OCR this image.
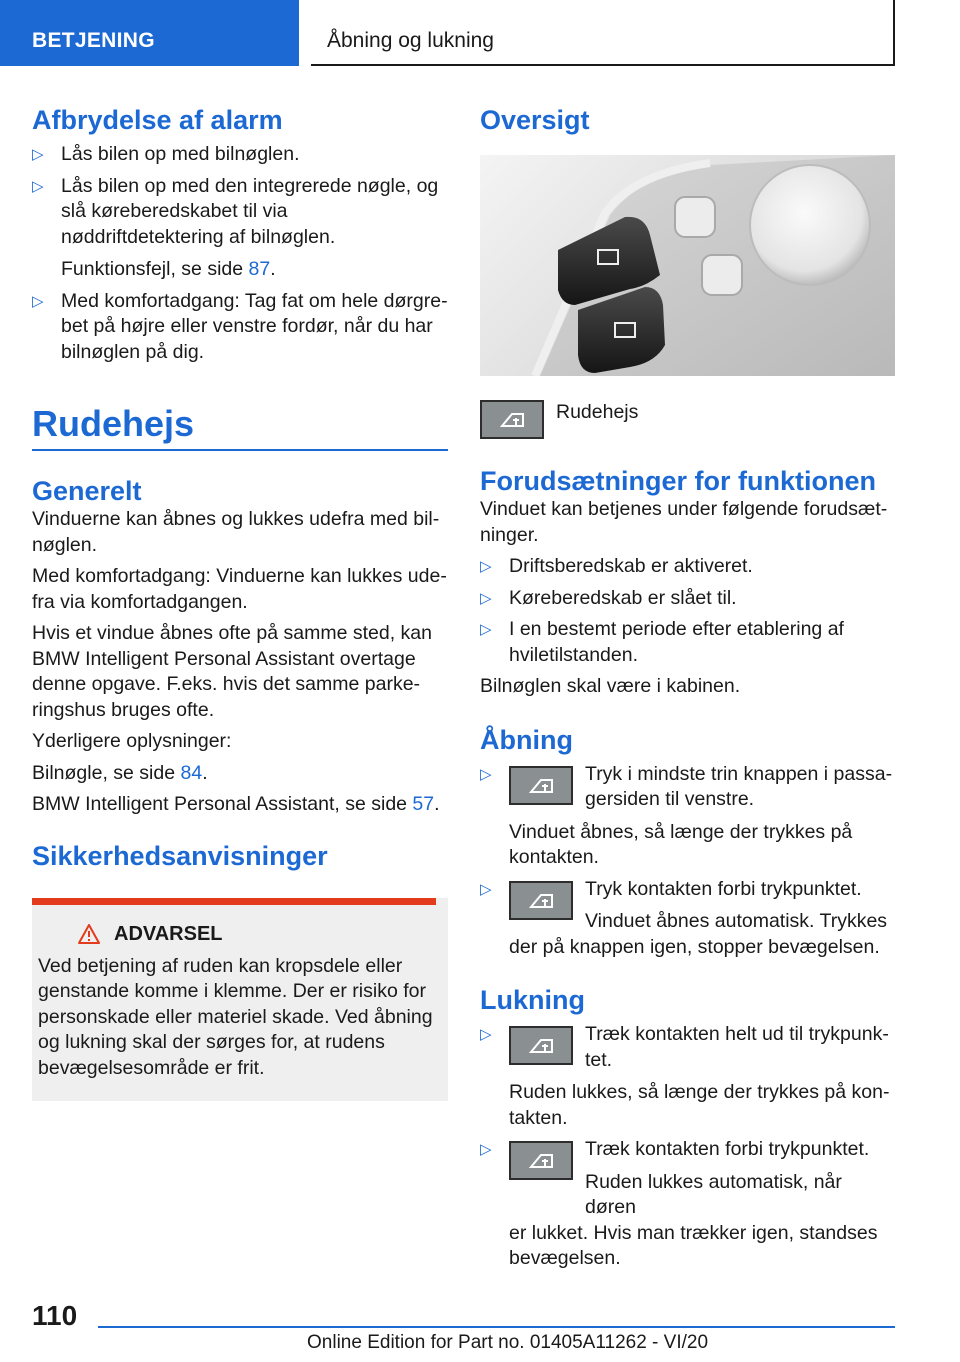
BETJENING	Åbning og lukning
Afbrydelse af alarm
▷ Lås bilen op med bilnøglen.
▷ Lås bilen op med den integrerede nøgle, og slå køreberedskabet til via nøddriftdetektering af bilnøglen.

Funktionsfejl, se side 87.

▷ Med komfortadgang: Tag fat om hele dørgrebet på højre eller venstre fordør, når du har bilnøglen på dig.
Rudehejs
Generelt

Vinduerne kan åbnes og lukkes udefra med bilnøglen.

Med komfortadgang: Vinduerne kan lukkes udefra via komfortadgangen.

Hvis et vindue åbnes ofte på samme sted, kan BMW Intelligent Personal Assistant overtage denne opgave. F.eks. hvis det samme parkeringshus bruges ofte.

Yderligere oplysninger:

Bilnøgle, se side 84.

BMW Intelligent Personal Assistant, se side 57.

Sikkerhedsanvisninger
ADVARSEL

Ved betjening af ruden kan kropsdele eller genstande komme i klemme. Der er risiko for personskade eller materiel skade. Ved åbning og lukning skal der sørges for, at rudens bevægelsesområde er frit.

Oversigt

Rudehejs

Forudsætninger for funktionen

Vinduet kan betjenes under følgende forudsætninger.

▷ Driftsberedskab er aktiveret.
▷ Køreberedskab er slået til.
▷ I en bestemt periode efter etablering af hviletilstanden.

Bilnøglen skal være i kabinen.

Åbning
▷	Tryk i mindste trin knappen i passagersiden til venstre.

Vinduet åbnes, så længe der trykkes på kontakten.

▷	Tryk kontakten forbi trykpunktet.

Vinduet åbnes automatisk. Trykkes

der på knappen igen, stopper bevægelsen.

Lukning
▷	Træk kontakten helt ud til trykpunktet.

Ruden lukkes, så længe der trykkes på kontakten.

▷	Træk kontakten forbi trykpunktet.

Ruden lukkes automatisk, når døren

er lukket. Hvis man trækker igen, standses bevægelsen.

110
Online Edition for Part no. 01405A11262 - VI/20
